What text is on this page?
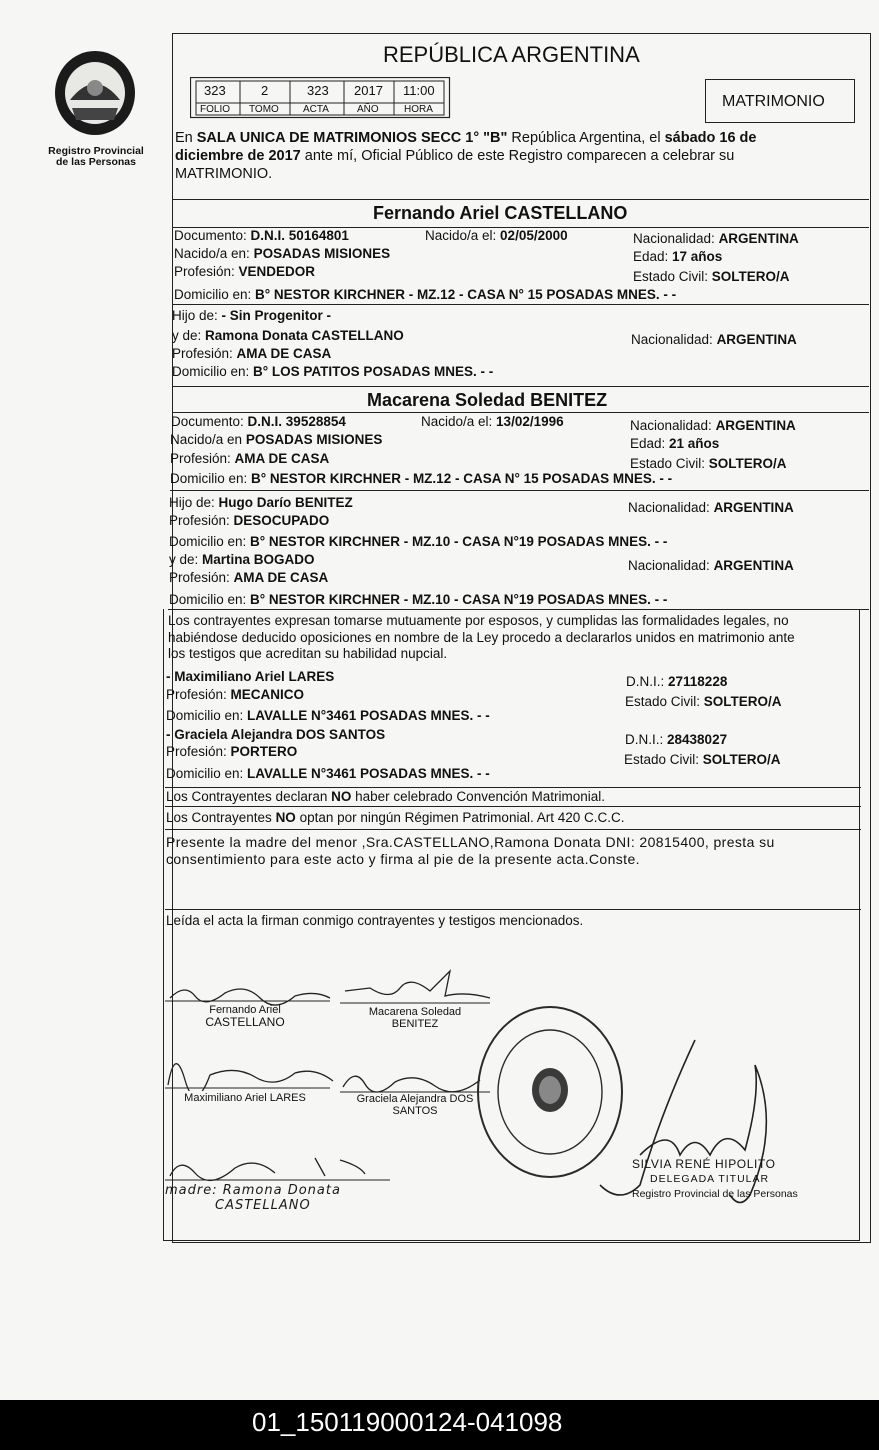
Registro Provincial
de las Personas
REPÚBLICA ARGENTINA
323	2	323 2017 11:00
FOLIO TOMO ACTA	AÑO	HORA	MATRIMONIO
En SALA UNICA DE MATRIMONIOS SECC 1° "B" República Argentina, el sábado 16 de
diciembre de 2017 ante mí, Oficial Público de este Registro comparecen a celebrar su
MATRIMONIO.
Fernando Ariel CASTELLANO
Documento: D.N.I. 50164801	Nacido/a el: 02/05/2000	Nacionalidad: ARGENTINA
Nacido/a en: POSADAS MISIONES	Edad: 17 años
Profesión: VENDEDOR	Estado Civil: SOLTERO/A
Domicilio en: B° NESTOR KIRCHNER - MZ.12 - CASA N° 15 POSADAS MNES. - -
Hijo de: - Sin Progenitor -
y de: Ramona Donata CASTELLANO	Nacionalidad: ARGENTINA
Profesión: AMA DE CASA
Domicilio en: B° LOS PATITOS POSADAS MNES. - -
Macarena Soledad BENITEZ
Documento: D.N.I. 39528854	Nacido/a el: 13/02/1996	Nacionalidad: ARGENTINA
Nacido/a en POSADAS MISIONES	Edad: 21 años
Profesión: AMA DE CASA	Estado Civil: SOLTERO/A
Domicilio en: B° NESTOR KIRCHNER - MZ.12 - CASA N° 15 POSADAS MNES. - -
Hijo de: Hugo Darío BENITEZ	Nacionalidad: ARGENTINA
Profesión: DESOCUPADO
Domicilio en: B° NESTOR KIRCHNER - MZ.10 - CASA N°19 POSADAS MNES. - -
y de: Martina BOGADO	Nacionalidad: ARGENTINA
Profesión: AMA DE CASA
Domicilio en: B° NESTOR KIRCHNER - MZ.10 - CASA N°19 POSADAS MNES. - -
Los contrayentes expresan tomarse mutuamente por esposos, y cumplidas las formalidades legales, no
habiéndose deducido oposiciones en nombre de la Ley procedo a declararlos unidos en matrimonio ante
los testigos que acreditan su habilidad nupcial.
- Maximiliano Ariel LARES	D.N.I.: 27118228
Profesión: MECANICO	Estado Civil: SOLTERO/A
Domicilio en: LAVALLE N°3461 POSADAS MNES. - -
- Graciela Alejandra DOS SANTOS	D.N.I.: 28438027
Profesión: PORTERO
Estado Civil: SOLTERO/A
Domicilio en: LAVALLE N°3461 POSADAS MNES. - -
Los Contrayentes declaran NO haber celebrado Convención Matrimonial.
Los Contrayentes NO optan por ningún Régimen Patrimonial. Art 420 C.C.C.
Presente la madre del menor ,Sra.CASTELLANO,Ramona Donata DNI: 20815400, presta su
consentimiento para este acto y firma al pie de la presente acta.Conste.
Leída el acta la firman conmigo contrayentes y testigos mencionados.
Fernando Ariel
CASTELLANO
Macarena Soledad
BENITEZ
Maximiliano Ariel LARES	Graciela Alejandra DOS
SANTOS
madre: Ramona Donata
CASTELLANO
SILVIA RENÉ HIPOLITO
DELEGADA TITULAR
Registro Provincial de las Personas
01_150119000124-041098
